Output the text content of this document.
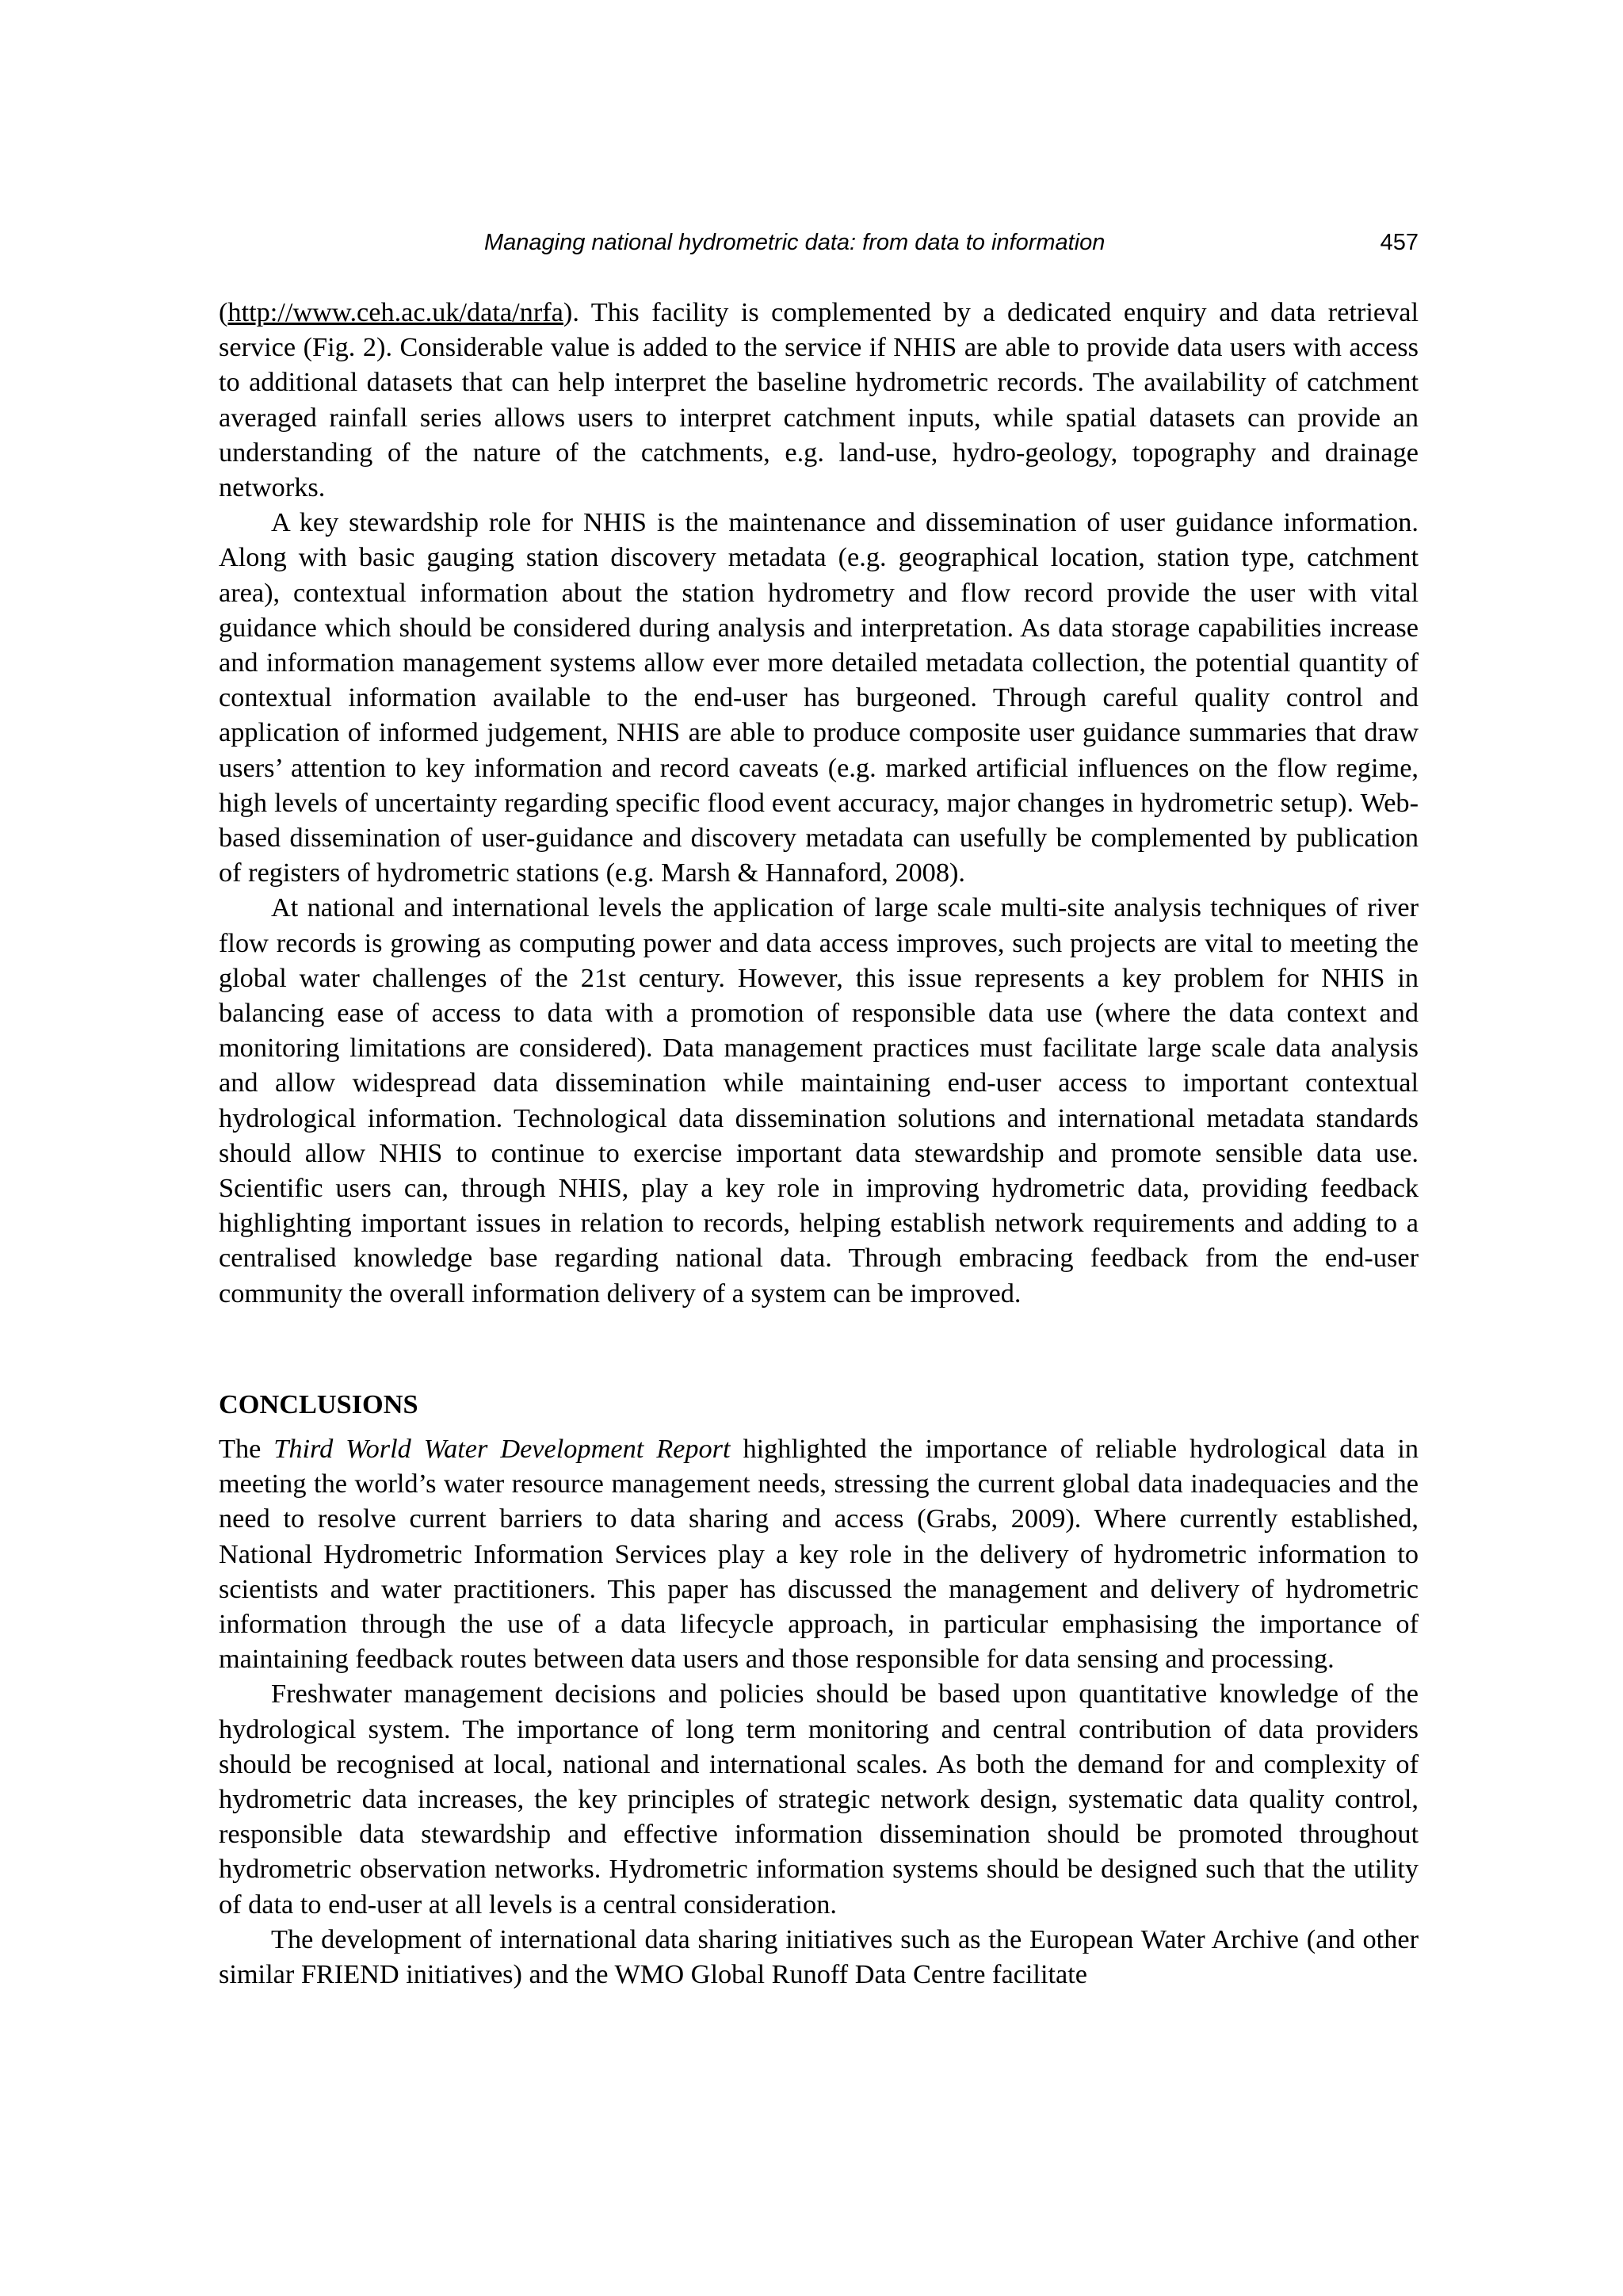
Managing national hydrometric data: from data to information	457

(http://www.ceh.ac.uk/data/nrfa). This facility is complemented by a dedicated enquiry and data retrieval service (Fig. 2). Considerable value is added to the service if NHIS are able to provide data users with access to additional datasets that can help interpret the baseline hydrometric records. The availability of catchment averaged rainfall series allows users to interpret catchment inputs, while spatial datasets can provide an understanding of the nature of the catchments, e.g. land-use, hydro-geology, topography and drainage networks.

A key stewardship role for NHIS is the maintenance and dissemination of user guidance information. Along with basic gauging station discovery metadata (e.g. geographical location, station type, catchment area), contextual information about the station hydrometry and flow record provide the user with vital guidance which should be considered during analysis and interpretation. As data storage capabilities increase and information management systems allow ever more detailed metadata collection, the potential quantity of contextual information available to the end-user has burgeoned. Through careful quality control and application of informed judgement, NHIS are able to produce composite user guidance summaries that draw users’ attention to key information and record caveats (e.g. marked artificial influences on the flow regime, high levels of uncertainty regarding specific flood event accuracy, major changes in hydrometric setup). Web-based dissemination of user-guidance and discovery metadata can usefully be complemented by publication of registers of hydrometric stations (e.g. Marsh & Hannaford, 2008).

At national and international levels the application of large scale multi-site analysis techniques of river flow records is growing as computing power and data access improves, such projects are vital to meeting the global water challenges of the 21st century. However, this issue represents a key problem for NHIS in balancing ease of access to data with a promotion of responsible data use (where the data context and monitoring limitations are considered). Data management practices must facilitate large scale data analysis and allow widespread data dissemination while maintaining end-user access to important contextual hydrological information. Technological data dissemination solutions and international metadata standards should allow NHIS to continue to exercise important data stewardship and promote sensible data use. Scientific users can, through NHIS, play a key role in improving hydrometric data, providing feedback highlighting important issues in relation to records, helping establish network requirements and adding to a centralised knowledge base regarding national data. Through embracing feedback from the end-user community the overall information delivery of a system can be improved.

CONCLUSIONS

The Third World Water Development Report highlighted the importance of reliable hydrological data in meeting the world’s water resource management needs, stressing the current global data inadequacies and the need to resolve current barriers to data sharing and access (Grabs, 2009). Where currently established, National Hydrometric Information Services play a key role in the delivery of hydrometric information to scientists and water practitioners. This paper has discussed the management and delivery of hydrometric information through the use of a data lifecycle approach, in particular emphasising the importance of maintaining feedback routes between data users and those responsible for data sensing and processing.

Freshwater management decisions and policies should be based upon quantitative knowledge of the hydrological system. The importance of long term monitoring and central contribution of data providers should be recognised at local, national and international scales. As both the demand for and complexity of hydrometric data increases, the key principles of strategic network design, systematic data quality control, responsible data stewardship and effective information dissemination should be promoted throughout hydrometric observation networks. Hydrometric information systems should be designed such that the utility of data to end-user at all levels is a central consideration.

The development of international data sharing initiatives such as the European Water Archive (and other similar FRIEND initiatives) and the WMO Global Runoff Data Centre facilitate
